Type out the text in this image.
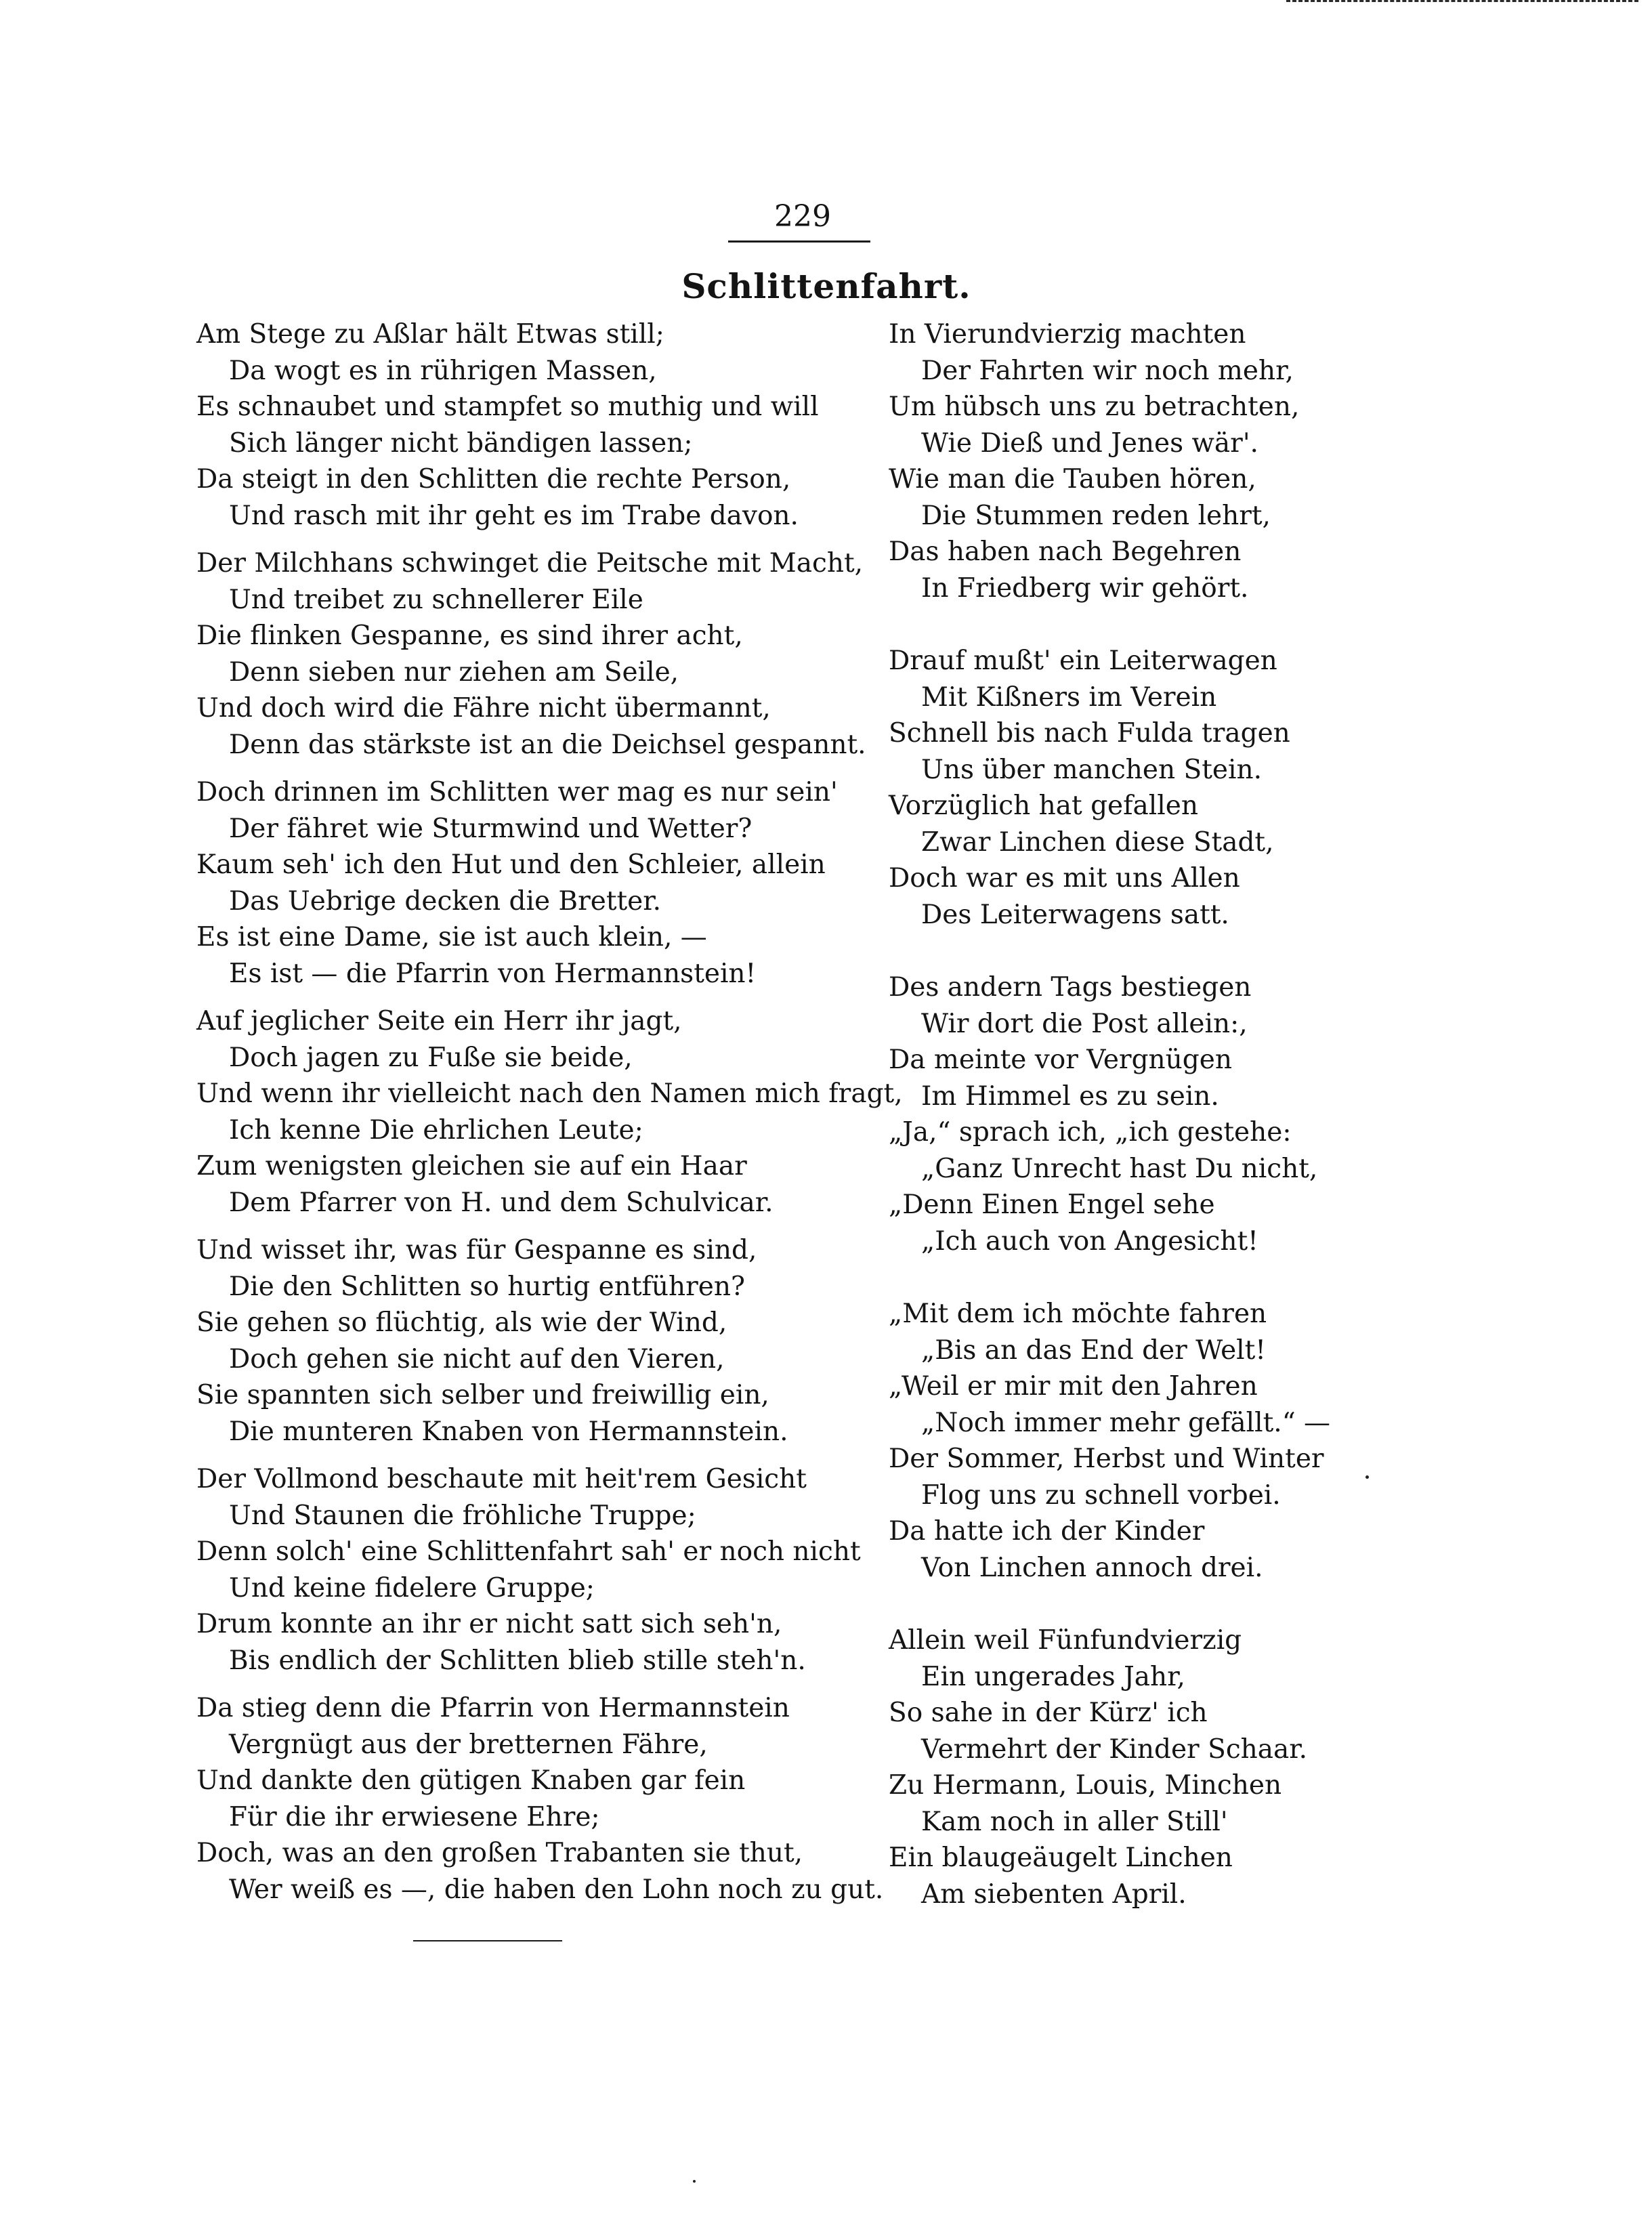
229
Schlittenfahrt.
Am Stege zu Aßlar hält Etwas still;
Da wogt es in rührigen Massen,
Es schnaubet und stampfet so muthig und will
Sich länger nicht bändigen lassen;
Da steigt in den Schlitten die rechte Person,
Und rasch mit ihr geht es im Trabe davon.
Der Milchhans schwinget die Peitsche mit Macht,
Und treibet zu schnellerer Eile
Die flinken Gespanne, es sind ihrer acht,
Denn sieben nur ziehen am Seile,
Und doch wird die Fähre nicht übermannt,
Denn das stärkste ist an die Deichsel gespannt.
Doch drinnen im Schlitten wer mag es nur sein'
Der fähret wie Sturmwind und Wetter?
Kaum seh' ich den Hut und den Schleier, allein
Das Uebrige decken die Bretter.
Es ist eine Dame, sie ist auch klein, —
Es ist — die Pfarrin von Hermannstein!
Auf jeglicher Seite ein Herr ihr jagt,
Doch jagen zu Fuße sie beide,
Und wenn ihr vielleicht nach den Namen mich fragt,
Ich kenne Die ehrlichen Leute;
Zum wenigsten gleichen sie auf ein Haar
Dem Pfarrer von H. und dem Schulvicar.
Und wisset ihr, was für Gespanne es sind,
Die den Schlitten so hurtig entführen?
Sie gehen so flüchtig, als wie der Wind,
Doch gehen sie nicht auf den Vieren,
Sie spannten sich selber und freiwillig ein,
Die munteren Knaben von Hermannstein.
Der Vollmond beschaute mit heit'rem Gesicht
Und Staunen die fröhliche Truppe;
Denn solch' eine Schlittenfahrt sah' er noch nicht
Und keine fidelere Gruppe;
Drum konnte an ihr er nicht satt sich seh'n,
Bis endlich der Schlitten blieb stille steh'n.
Da stieg denn die Pfarrin von Hermannstein
Vergnügt aus der bretternen Fähre,
Und dankte den gütigen Knaben gar fein
Für die ihr erwiesene Ehre;
Doch, was an den großen Trabanten sie thut,
Wer weiß es —, die haben den Lohn noch zu gut.
In Vierundvierzig machten
Der Fahrten wir noch mehr,
Um hübsch uns zu betrachten,
Wie Dieß und Jenes wär'.
Wie man die Tauben hören,
Die Stummen reden lehrt,
Das haben nach Begehren
In Friedberg wir gehört.
Drauf mußt' ein Leiterwagen
Mit Kißners im Verein
Schnell bis nach Fulda tragen
Uns über manchen Stein.
Vorzüglich hat gefallen
Zwar Linchen diese Stadt,
Doch war es mit uns Allen
Des Leiterwagens satt.
Des andern Tags bestiegen
Wir dort die Post allein:,
Da meinte vor Vergnügen
Im Himmel es zu sein.
„Ja,“ sprach ich, „ich gestehe:
„Ganz Unrecht hast Du nicht,
„Denn Einen Engel sehe
„Ich auch von Angesicht!
„Mit dem ich möchte fahren
„Bis an das End der Welt!
„Weil er mir mit den Jahren
„Noch immer mehr gefällt.“ —
Der Sommer, Herbst und Winter
Flog uns zu schnell vorbei.
Da hatte ich der Kinder
Von Linchen annoch drei.
Allein weil Fünfundvierzig
Ein ungerades Jahr,
So sahe in der Kürz' ich
Vermehrt der Kinder Schaar.
Zu Hermann, Louis, Minchen
Kam noch in aller Still'
Ein blaugeäugelt Linchen
Am siebenten April.
